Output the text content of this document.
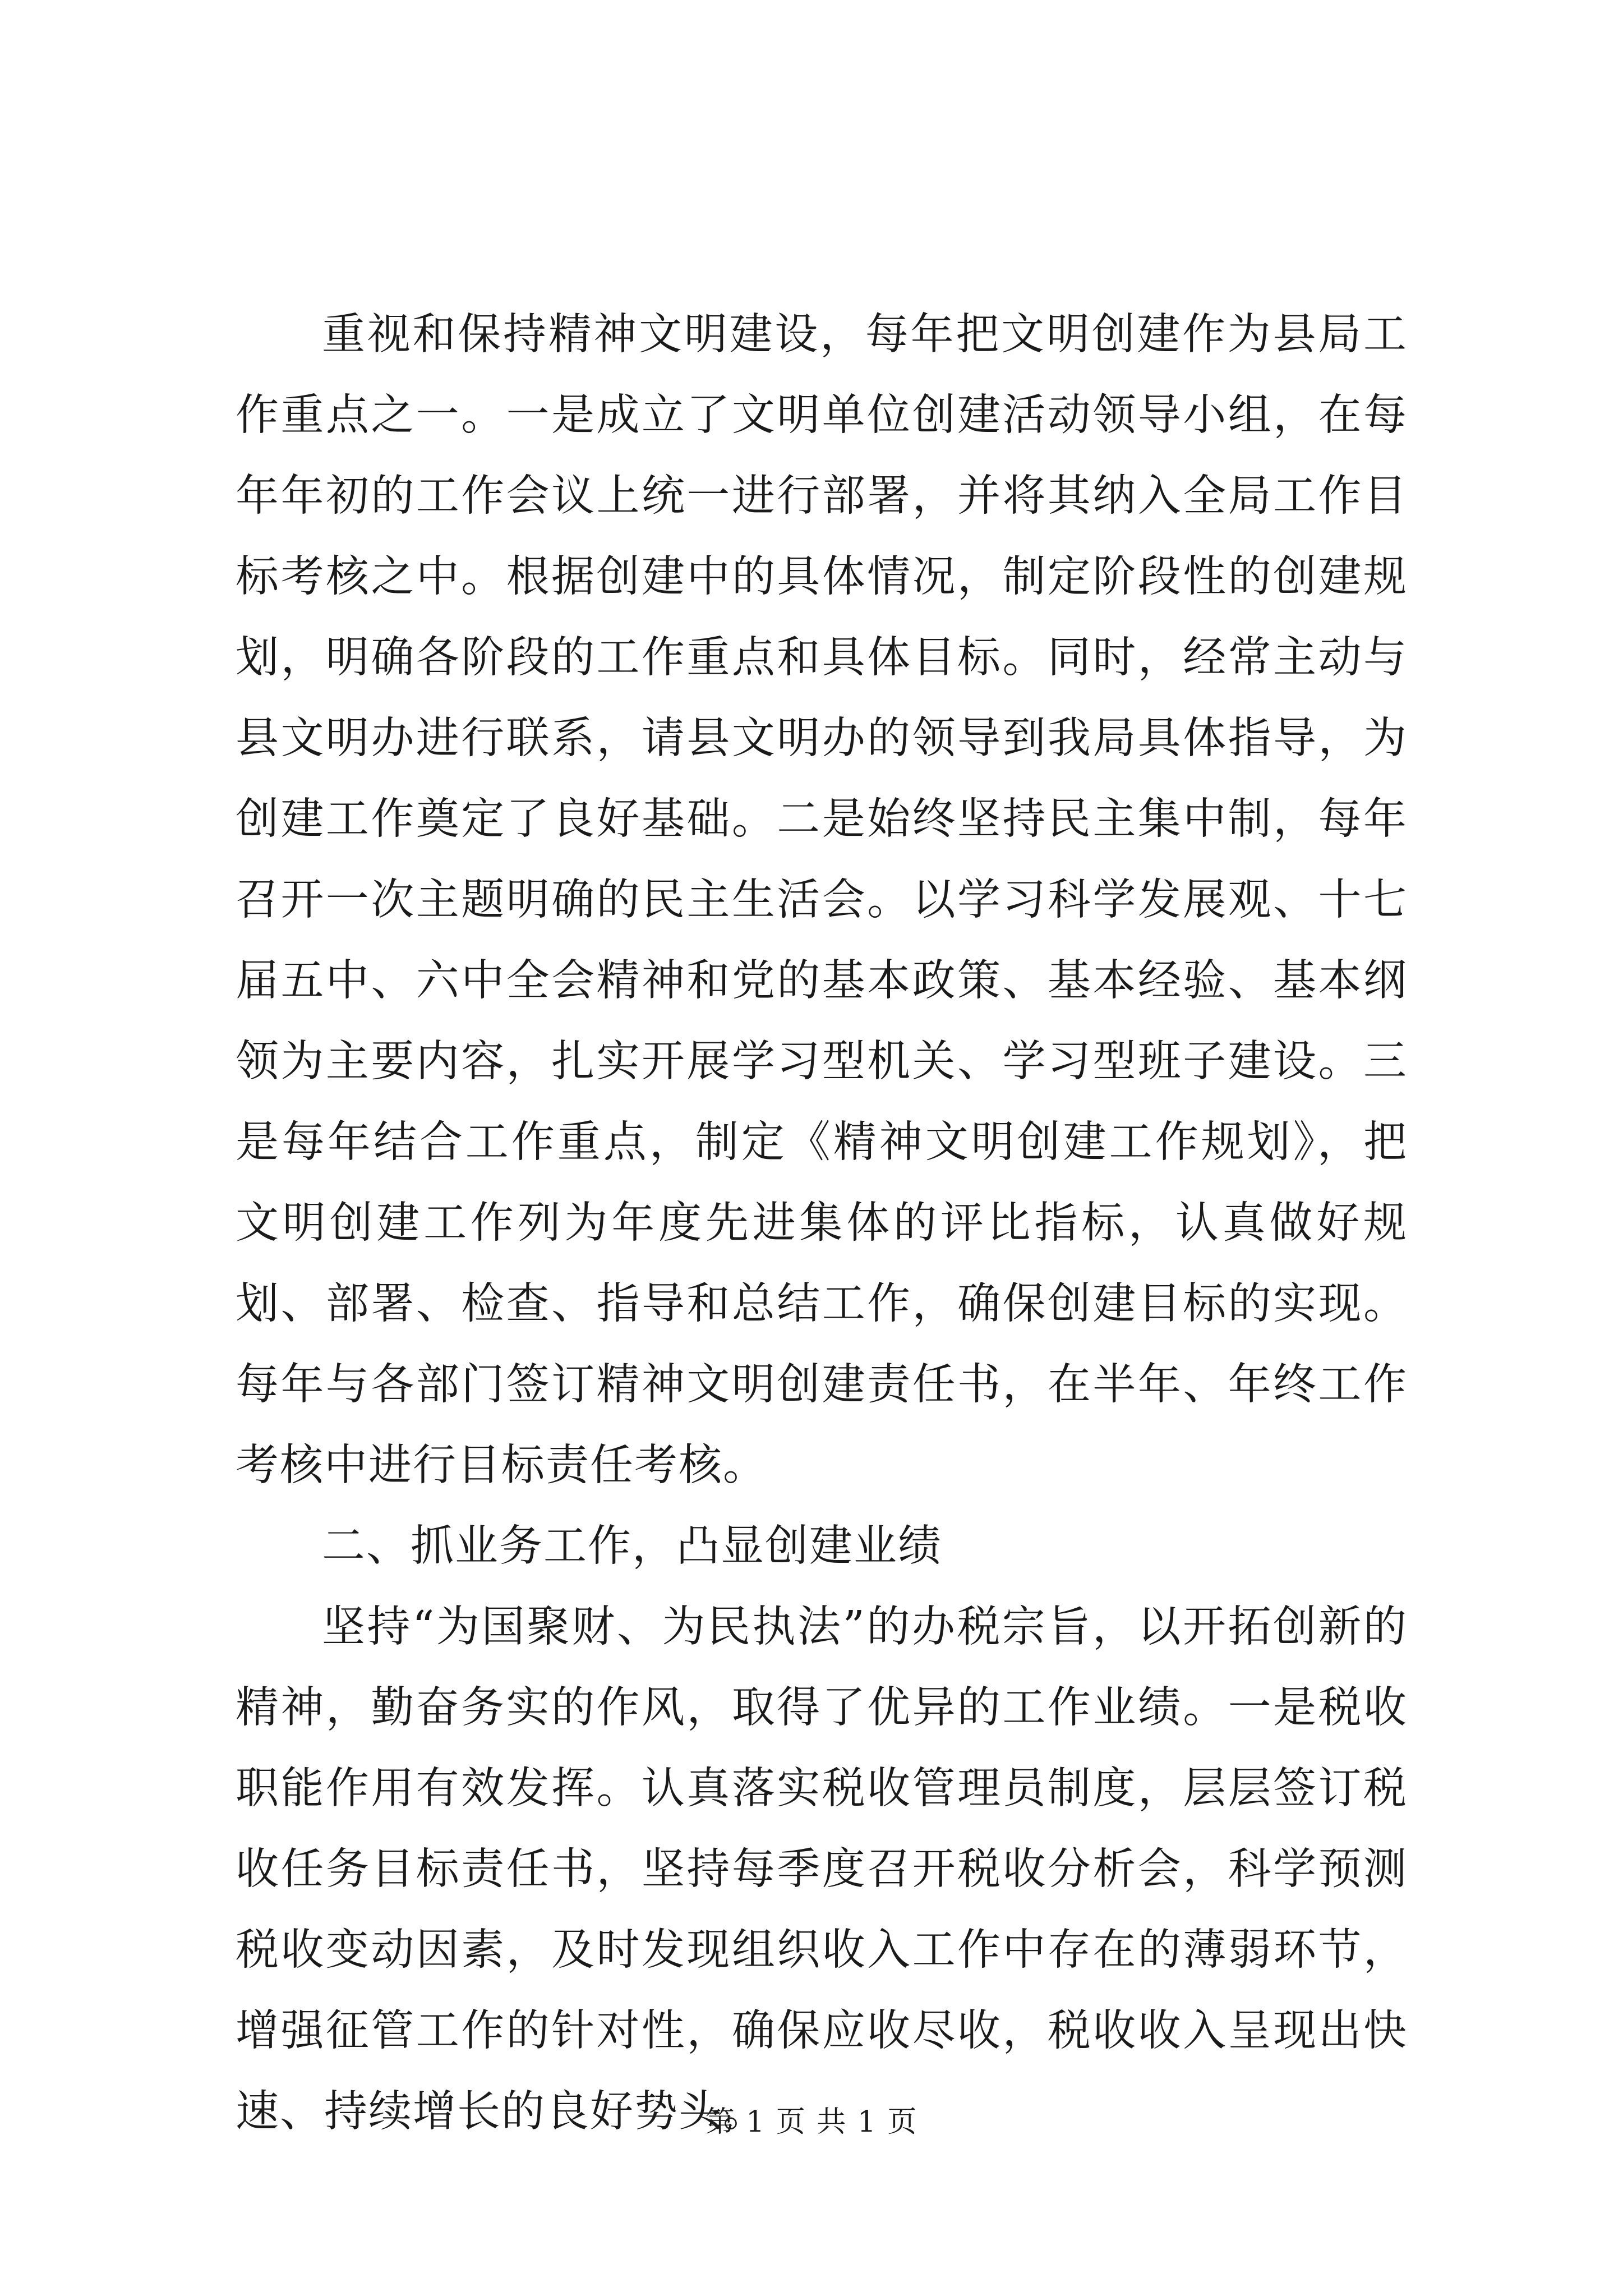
重视和保持精神文明建设，每年把文明创建作为县局工作重点之一。一是成立了文明单位创建活动领导小组，在每年年初的工作会议上统一进行部署，并将其纳入全局工作目标考核之中。根据创建中的具体情况，制定阶段性的创建规划，明确各阶段的工作重点和具体目标。同时，经常主动与县文明办进行联系，请县文明办的领导到我局具体指导，为创建工作奠定了良好基础。二是始终坚持民主集中制，每年召开一次主题明确的民主生活会。以学习科学发展观、十七届五中、六中全会精神和党的基本政策、基本经验、基本纲领为主要内容，扎实开展学习型机关、学习型班子建设。三是每年结合工作重点，制定《精神文明创建工作规划》，把文明创建工作列为年度先进集体的评比指标，认真做好规划、部署、检查、指导和总结工作，确保创建目标的实现。每年与各部门签订精神文明创建责任书，在半年、年终工作考核中进行目标责任考核。

二、抓业务工作，凸显创建业绩

坚持“为国聚财、为民执法”的办税宗旨，以开拓创新的精神，勤奋务实的作风，取得了优异的工作业绩。一是税收职能作用有效发挥。认真落实税收管理员制度，层层签订税收任务目标责任书，坚持每季度召开税收分析会，科学预测税收变动因素，及时发现组织收入工作中存在的薄弱环节，增强征管工作的针对性，确保应收尽收，税收收入呈现出快速、持续增长的良好势头。

第 1 页 共 1 页
